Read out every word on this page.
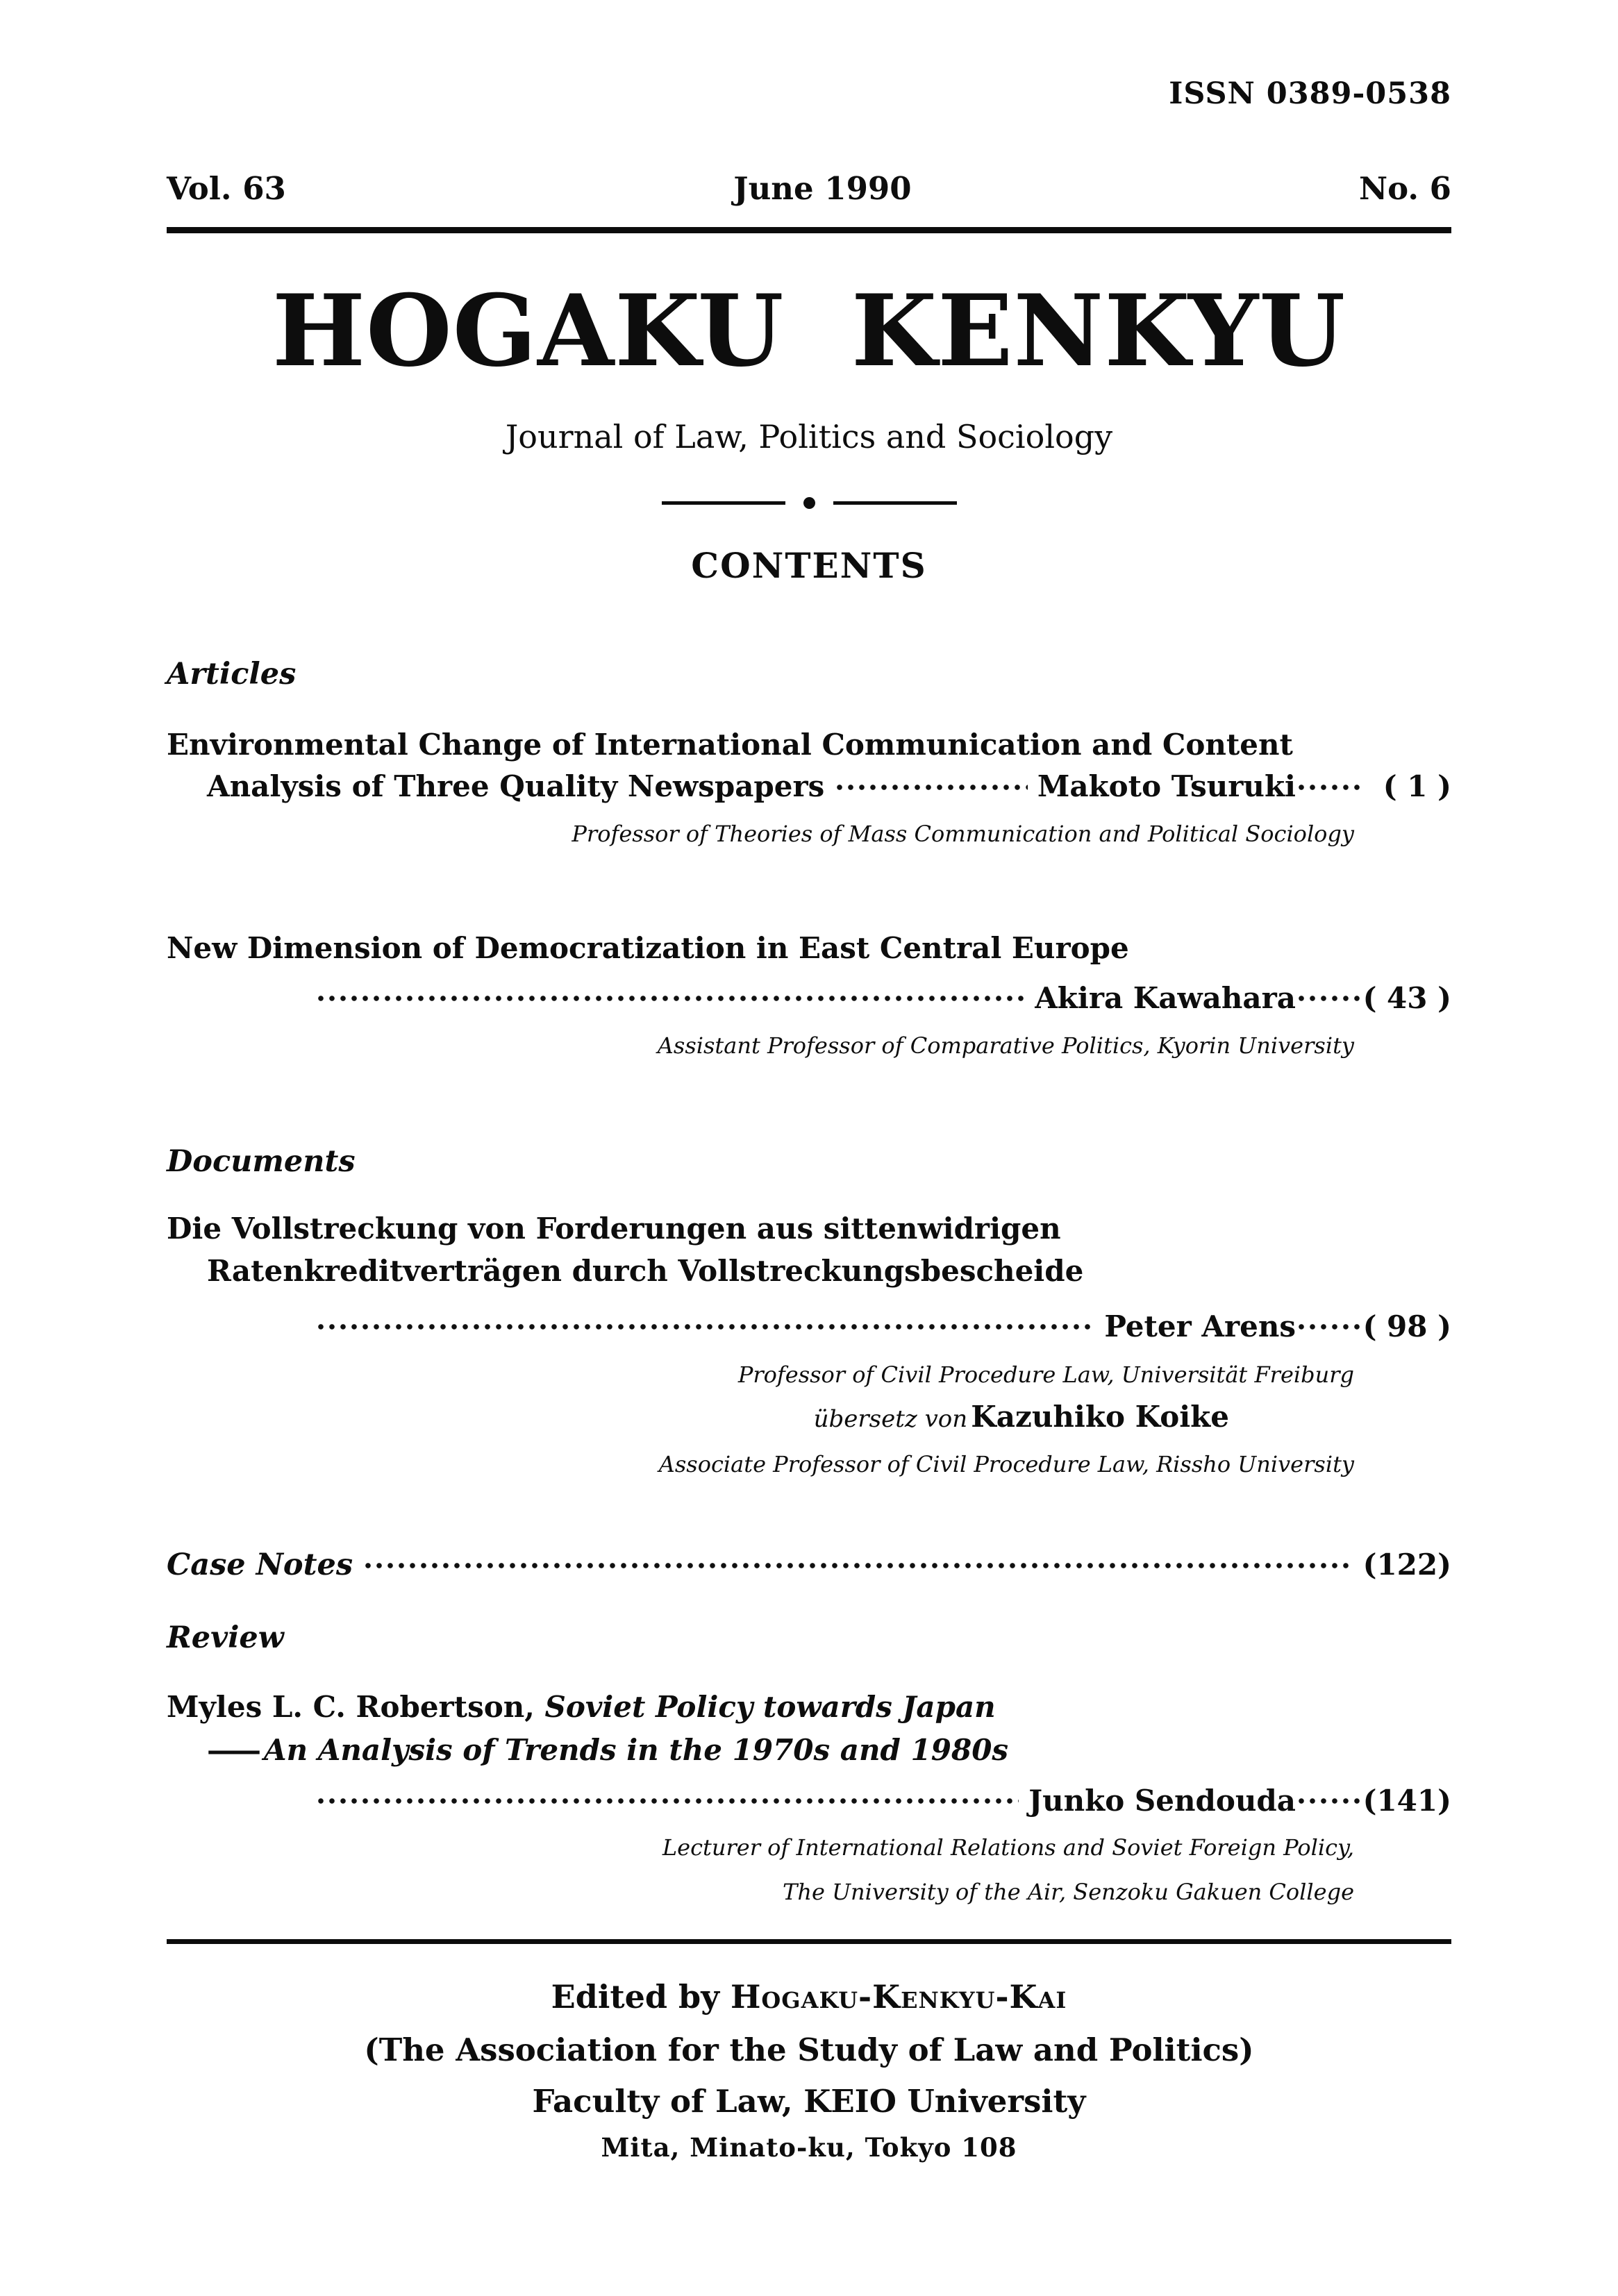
ISSN 0389-0538
Vol. 63	June 1990	No. 6
HOGAKU KENKYU
Journal of Law, Politics and Sociology
CONTENTS
Articles
Environmental Change of International Communication and Content
Analysis of Three Quality Newspapers	Makoto Tsuruki	( 1 )
Professor of Theories of Mass Communication and Political Sociology
New Dimension of Democratization in East Central Europe
Akira Kawahara ( 43 )
Assistant Professor of Comparative Politics, Kyorin University
Documents
Die Vollstreckung von Forderungen aus sittenwidrigen
Ratenkreditverträgen durch Vollstreckungsbescheide
Peter Arens ( 98 )
Professor of Civil Procedure Law, Universität Freiburg
übersetz von Kazuhiko Koike
Associate Professor of Civil Procedure Law, Rissho University
Case Notes	(122)
Review
Myles L. C. Robertson, Soviet Policy towards Japan
—— An Analysis of Trends in the 1970s and 1980s
Junko Sendouda (141)
Lecturer of International Relations and Soviet Foreign Policy,
The University of the Air, Senzoku Gakuen College
Edited by Hogaku-Kenkyu-Kai
(The Association for the Study of Law and Politics)
Faculty of Law, KEIO University
Mita, Minato-ku, Tokyo 108
